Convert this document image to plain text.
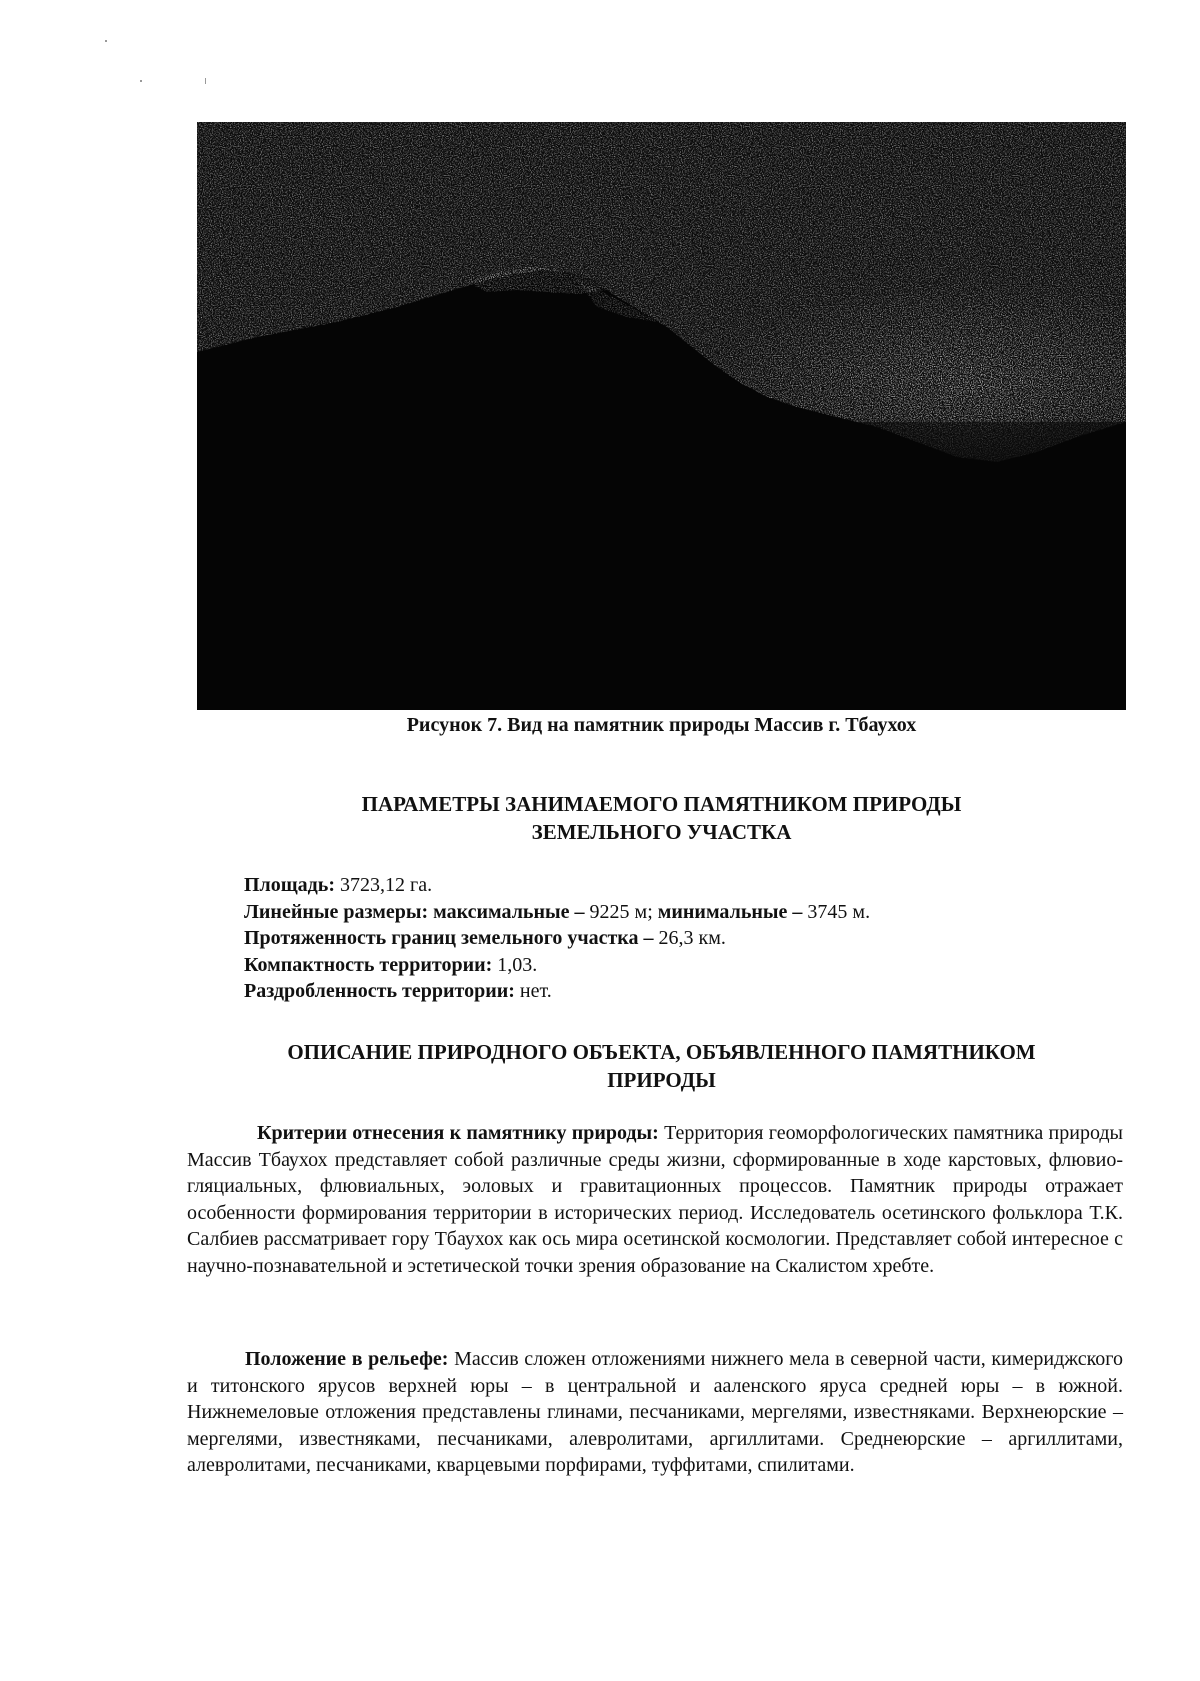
Рисунок 7. Вид на памятник природы Массив г. Тбаухох
ПАРАМЕТРЫ ЗАНИМАЕМОГО ПАМЯТНИКОМ ПРИРОДЫ
ЗЕМЕЛЬНОГО УЧАСТКА
Площадь: 3723,12 га.
Линейные размеры: максимальные – 9225 м; минимальные – 3745 м.
Протяженность границ земельного участка – 26,3 км.
Компактность территории: 1,03.
Раздробленность территории: нет.
ОПИСАНИЕ ПРИРОДНОГО ОБЪЕКТА, ОБЪЯВЛЕННОГО ПАМЯТНИКОМ
ПРИРОДЫ

Критерии отнесения к памятнику природы: Территория геоморфологических памятника природы Массив Тбаухох представляет собой различные среды жизни, сформированные в ходе карстовых, флювио-гляциальных, флювиальных, эоловых и гравитационных процессов. Памятник природы отражает особенности формирования территории в исторических период. Исследователь осетинского фольклора Т.К. Салбиев рассматривает гору Тбаухох как ось мира осетинской космологии. Представляет собой интересное с научно-познавательной и эстетической точки зрения образование на Скалистом хребте.

Положение в рельефе: Массив сложен отложениями нижнего мела в северной части, кимериджского и титонского ярусов верхней юры – в центральной и ааленского яруса средней юры – в южной. Нижнемеловые отложения представлены глинами, песчаниками, мергелями, известняками. Верхнеюрские – мергелями, известняками, песчаниками, алевролитами, аргиллитами. Среднеюрские – аргиллитами, алевролитами, песчаниками, кварцевыми порфирами, туффитами, спилитами.
